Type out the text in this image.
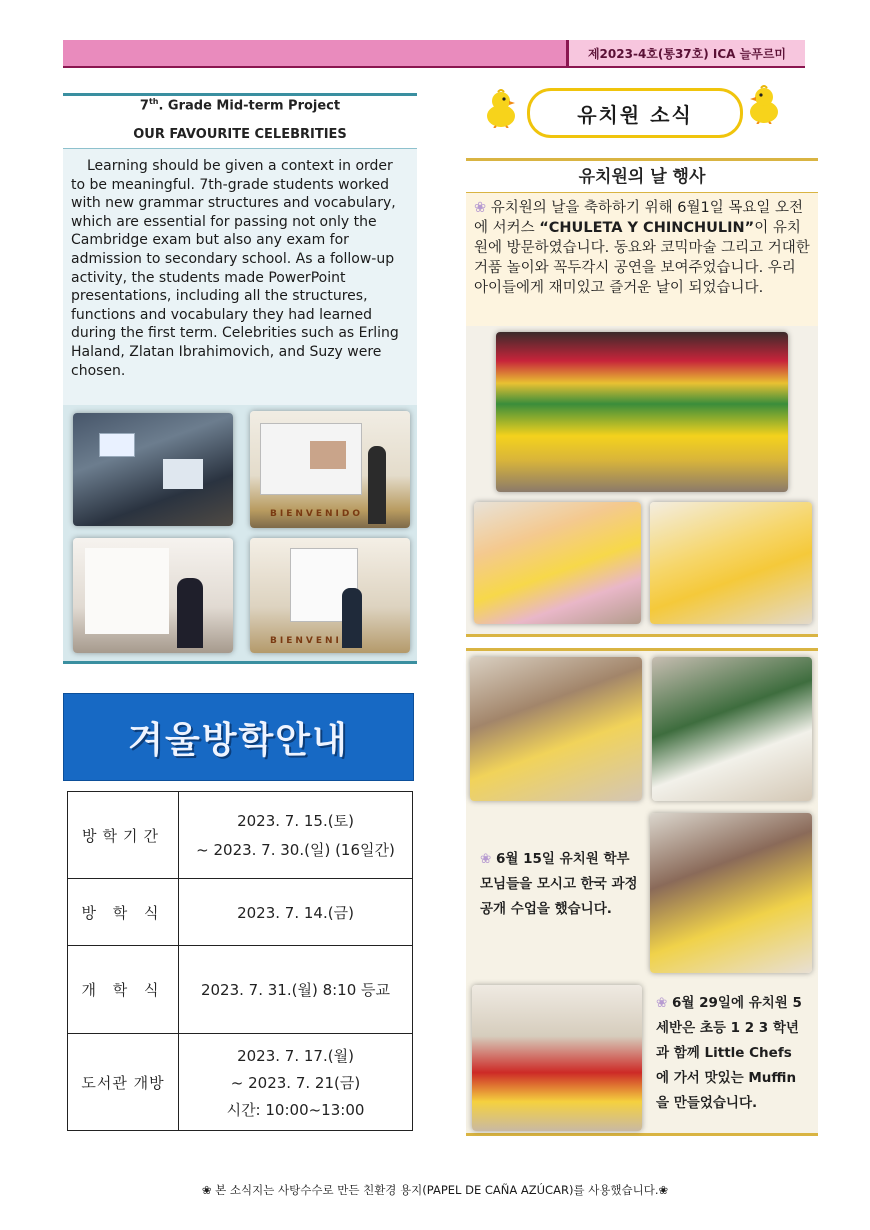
제2023-4호(통37호) ICA 늘푸르미
7th. Grade Mid-term Project
OUR FAVOURITE CELEBRITIES
Learning should be given a context in order to be meaningful. 7th-grade students worked with new grammar structures and vocabulary, which are essential for passing not only the Cambridge exam but also any exam for admission to secondary school. As a follow-up activity, the students made PowerPoint presentations, including all the structures, functions and vocabulary they had learned during the first term. Celebrities such as Erling Haland, Zlatan Ibrahimovich, and Suzy were chosen.
BIENVENIDO
BIENVENI
겨울방학안내
방학기간	2023. 7. 15.(토)
~ 2023. 7. 30.(일) (16일간)

방 학 식	2023. 7. 14.(금)

개 학 식	2023. 7. 31.(월) 8:10 등교

도서관 개방	2023. 7. 17.(월)
~ 2023. 7. 21(금)
시간: 10:00~13:00
유치원 소식
유치원의 날 행사
❀ 유치원의 날을 축하하기 위해 6월1일 목요일 오전에 서커스 “CHULETA Y CHINCHULIN”이 유치원에 방문하였습니다. 동요와 코믹마술 그리고 거대한 거품 놀이와 꼭두각시 공연을 보여주었습니다. 우리 아이들에게 재미있고 즐거운 날이 되었습니다.
❀ 6월 15일 유치원 학부모님들을 모시고 한국 과정 공개 수업을 했습니다.
❀ 6월 29일에 유치원 5세반은 초등 1 2 3 학년과 함께 Little Chefs 에 가서 맛있는 Muffin을 만들었습니다.
❀ 본 소식지는 사탕수수로 만든 친환경 용지(PAPEL DE CAÑA AZÚCAR)를 사용했습니다.❀
